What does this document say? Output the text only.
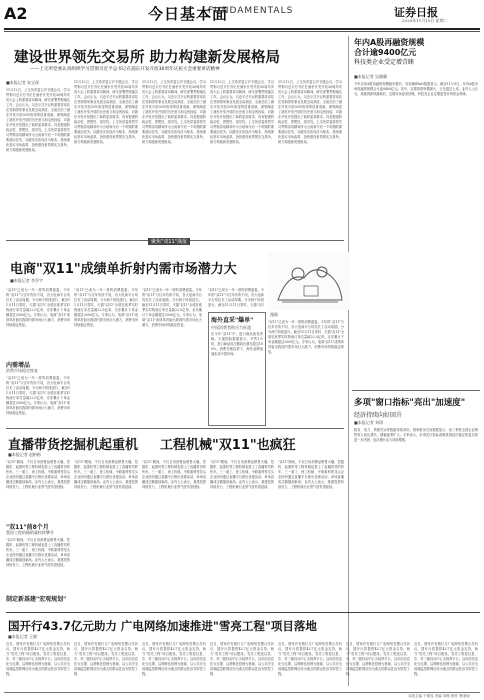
A2	今日基本面
FUNDAMENTALS	证券日报
2020年11月10日 星期二
建设世界领先交易所 助力构建新发展格局
——上交所党委认真组织学习贯彻习近平总书记在浦东开发开放30周年庆祝大会重要讲话精神
■本报记者 朱宝琛
11月12日，上交所党委召开专题会议，学习贯彻习近平总书记在浦东开发开放30周年庆祝大会上的重要讲话精神，研究部署贯彻落实工作。会议认为，习近平总书记的重要讲话站在党和国家事业发展全局高度，全面总结了浦东开发开放30年取得的显著成就，深刻阐述了浦东开发开放的历史意义和宝贵经验，对浦东开发开放提出了新的更高要求，具有很强的政治性、思想性、指导性。上交所党委将把学习贯彻讲话精神作为当前和今后一个时期的重要政治任务，以服务实体经济为根本，持续深化资本市场改革，加快建设世界领先交易所，助力构建新发展格局。
11月12日，上交所党委召开专题会议，学习贯彻习近平总书记在浦东开发开放30周年庆祝大会上的重要讲话精神，研究部署贯彻落实工作。会议认为，习近平总书记的重要讲话站在党和国家事业发展全局高度，全面总结了浦东开发开放30年取得的显著成就，深刻阐述了浦东开发开放的历史意义和宝贵经验，对浦东开发开放提出了新的更高要求，具有很强的政治性、思想性、指导性。上交所党委将把学习贯彻讲话精神作为当前和今后一个时期的重要政治任务，以服务实体经济为根本，持续深化资本市场改革，加快建设世界领先交易所，助力构建新发展格局。
11月12日，上交所党委召开专题会议，学习贯彻习近平总书记在浦东开发开放30周年庆祝大会上的重要讲话精神，研究部署贯彻落实工作。会议认为，习近平总书记的重要讲话站在党和国家事业发展全局高度，全面总结了浦东开发开放30年取得的显著成就，深刻阐述了浦东开发开放的历史意义和宝贵经验，对浦东开发开放提出了新的更高要求，具有很强的政治性、思想性、指导性。上交所党委将把学习贯彻讲话精神作为当前和今后一个时期的重要政治任务，以服务实体经济为根本，持续深化资本市场改革，加快建设世界领先交易所，助力构建新发展格局。
11月12日，上交所党委召开专题会议，学习贯彻习近平总书记在浦东开发开放30周年庆祝大会上的重要讲话精神，研究部署贯彻落实工作。会议认为，习近平总书记的重要讲话站在党和国家事业发展全局高度，全面总结了浦东开发开放30年取得的显著成就，深刻阐述了浦东开发开放的历史意义和宝贵经验，对浦东开发开放提出了新的更高要求，具有很强的政治性、思想性、指导性。上交所党委将把学习贯彻讲话精神作为当前和今后一个时期的重要政治任务，以服务实体经济为根本，持续深化资本市场改革，加快建设世界领先交易所，助力构建新发展格局。
11月12日，上交所党委召开专题会议，学习贯彻习近平总书记在浦东开发开放30周年庆祝大会上的重要讲话精神，研究部署贯彻落实工作。会议认为，习近平总书记的重要讲话站在党和国家事业发展全局高度，全面总结了浦东开发开放30年取得的显著成就，深刻阐述了浦东开发开放的历史意义和宝贵经验，对浦东开发开放提出了新的更高要求，具有很强的政治性、思想性、指导性。上交所党委将把学习贯彻讲话精神作为当前和今后一个时期的重要政治任务，以服务实体经济为根本，持续深化资本市场改革，加快建设世界领先交易所，助力构建新发展格局。
年内A股再融资规模
合计逾9400亿元
科技类企业受定增青睐
■本报记者 吴晓璐
今年以来A股再融资规模稳步增长。同花顺iFinD数据显示，截至11月9日，年内A股市场再融资规模合计逾9400亿元。其中，定增募资规模最大，占比超过七成。业内人士认为，再融资新规落地后，定增市场迎来回暖，科技类企业定增更受市场资金青睐。
聚焦"双11"战报
电商"双11"成绩单折射内需市场潜力大
■本报记者 李乔宇
"双11"已成为一年一度的消费盛宴。今年的"双11"与往年有所不同，各大电商平台均拉长了活动周期，分为两个阶段进行。截至11月11日零时，天猫"双11"全球狂欢季实时物流订单总量破22.5亿单，京东累计下单金额超过2000亿元。专家认为，电商"双11"成绩单折射出我国内需市场巨大潜力，消费市场持续稳定恢复。
内需增品
消费市场稳定恢复
"双11"已成为一年一度的消费盛宴。今年的"双11"与往年有所不同，各大电商平台均拉长了活动周期，分为两个阶段进行。截至11月11日零时，天猫"双11"全球狂欢季实时物流订单总量破22.5亿单，京东累计下单金额超过2000亿元。专家认为，电商"双11"成绩单折射出我国内需市场巨大潜力，消费市场持续稳定恢复。
"双11"已成为一年一度的消费盛宴。今年的"双11"与往年有所不同，各大电商平台均拉长了活动周期，分为两个阶段进行。截至11月11日零时，天猫"双11"全球狂欢季实时物流订单总量破22.5亿单，京东累计下单金额超过2000亿元。专家认为，电商"双11"成绩单折射出我国内需市场巨大潜力，消费市场持续稳定恢复。
"双11"已成为一年一度的消费盛宴。今年的"双11"与往年有所不同，各大电商平台均拉长了活动周期，分为两个阶段进行。截至11月11日零时，天猫"双11"全球狂欢季实时物流订单总量破22.5亿单，京东累计下单金额超过2000亿元。专家认为，电商"双11"成绩单折射出我国内需市场巨大潜力，消费市场持续稳定恢复。
海外直采"爆单"
中国消费者购买力旺盛
在今年"双11"中，进口商品备受青睐。天猫国际数据显示，开售1小时，进口商品成交额同比增长超过100%。消费升级趋势下，海外品牌加速布局中国市场。
"双11"已成为一年一度的消费盛宴。今年的"双11"与往年有所不同，各大电商平台均拉长了活动周期，分为两个阶段进行。截至11月11日零时，天猫"双1
漫画
"双11"已成为一年一度的消费盛宴。今年的"双11"与往年有所不同，各大电商平台均拉长了活动周期，分为两个阶段进行。截至11月11日零时，天猫"双11"全球狂欢季实时物流订单总量破22.5亿单，京东累计下单金额超过2000亿元。专家认为，电商"双11"成绩单折射出我国内需市场巨大潜力，消费市场持续稳定恢复。
直播带货挖掘机起重机 工程机械"双11"也疯狂
■本报记者 赵彬彬
"双11"期间，不仅日用消费品销售火爆，挖掘机、起重机等工程机械也搭上了直播带货的快车。三一重工、徐工机械、中联重科等龙头企业纷纷通过直播平台推出优惠活动，单场直播成交额屡创新高。业内人士表示，基建投资持续发力，工程机械行业景气度有望延续。
"双11"前8个月
我国工程机械销量持续攀升
"双11"期间，不仅日用消费品销售火爆，挖掘机、起重机等工程机械也搭上了直播带货的快车。三一重工、徐工机械、中联重科等龙头企业纷纷通过直播平台推出优惠活动，单场直播成交额屡创新高。业内人士表示，基建投资持续发力，工程机械行业景气度有望延续。
"双11"期间，不仅日用消费品销售火爆，挖掘机、起重机等工程机械也搭上了直播带货的快车。三一重工、徐工机械、中联重科等龙头企业纷纷通过直播平台推出优惠活动，单场直播成交额屡创新高。业内人士表示，基建投资持续发力，工程机械行业景气度有望延续。
"双11"期间，不仅日用消费品销售火爆，挖掘机、起重机等工程机械也搭上了直播带货的快车。三一重工、徐工机械、中联重科等龙头企业纷纷通过直播平台推出优惠活动，单场直播成交额屡创新高。业内人士表示，基建投资持续发力，工程机械行业景气度有望延续。
"双11"期间，不仅日用消费品销售火爆，挖掘机、起重机等工程机械也搭上了直播带货的快车。三一重工、徐工机械、中联重科等龙头企业纷纷通过直播平台推出优惠活动，单场直播成交额屡创新高。业内人士表示，基建投资持续发力，工程机械行业景气度有望延续。
"双11"期间，不仅日用消费品销售火爆，挖掘机、起重机等工程机械也搭上了直播带货的快车。三一重工、徐工机械、中联重科等龙头企业纷纷通过直播平台推出优惠活动，单场直播成交额屡创新高。业内人士表示，基建投资持续发力，工程机械行业景气度有望延续。
制定新基建"宏观规划"
多项"窗口指标"亮出"加速度"
经济持续向好回升
■本报记者 刘琪
税务、电力、铁路货运等数据持续向好。国家税务总局数据显示，前三季度全国企业销售收入同比增长，增幅逐季扩大。专家表示，多项先行指标表明我国经济稳定恢复态势进一步巩固，经济增长动力持续增强。
国开行43.7亿元助力 广电网络加速推进"雪亮工程"项目落地
■本报记者 王晓
近日，国家开发银行与广电网络签署合作协议，国开行将提供43.7亿元资金支持，助力"雪亮工程"项目建设。雪亮工程是以县、乡、村三级综治中心为指挥平台，以综治信息化为支撑，以网格化管理为基础，以公共安全视频监控联网应用为重点的群众性治安防控工程。
近日，国家开发银行与广电网络签署合作协议，国开行将提供43.7亿元资金支持，助力"雪亮工程"项目建设。雪亮工程是以县、乡、村三级综治中心为指挥平台，以综治信息化为支撑，以网格化管理为基础，以公共安全视频监控联网应用为重点的群众性治安防控工程。
近日，国家开发银行与广电网络签署合作协议，国开行将提供43.7亿元资金支持，助力"雪亮工程"项目建设。雪亮工程是以县、乡、村三级综治中心为指挥平台，以综治信息化为支撑，以网格化管理为基础，以公共安全视频监控联网应用为重点的群众性治安防控工程。
近日，国家开发银行与广电网络签署合作协议，国开行将提供43.7亿元资金支持，助力"雪亮工程"项目建设。雪亮工程是以县、乡、村三级综治中心为指挥平台，以综治信息化为支撑，以网格化管理为基础，以公共安全视频监控联网应用为重点的群众性治安防控工程。
近日，国家开发银行与广电网络签署合作协议，国开行将提供43.7亿元资金支持，助力"雪亮工程"项目建设。雪亮工程是以县、乡、村三级综治中心为指挥平台，以综治信息化为支撑，以网格化管理为基础，以公共安全视频监控联网应用为重点的群众性治安防控工程。
近日，国家开发银行与广电网络签署合作协议，国开行将提供43.7亿元资金支持，助力"雪亮工程"项目建设。雪亮工程是以县、乡、村三级综治中心为指挥平台，以综治信息化为支撑，以网格化管理为基础，以公共安全视频监控联网应用为重点的群众性治安防控工程。
近日，国家开发银行与广电网络签署合作协议，国开行将提供43.7亿元资金支持，助力"雪亮工程"项目建设。雪亮工程是以县、乡、村三级综治中心为指挥平台，以综治信息化为支撑，以网格化管理为基础，以公共安全视频监控联网应用为重点的群众性治安防控工程。
本版主编 于德良 责编 刘萌 制作 曹秉琛
